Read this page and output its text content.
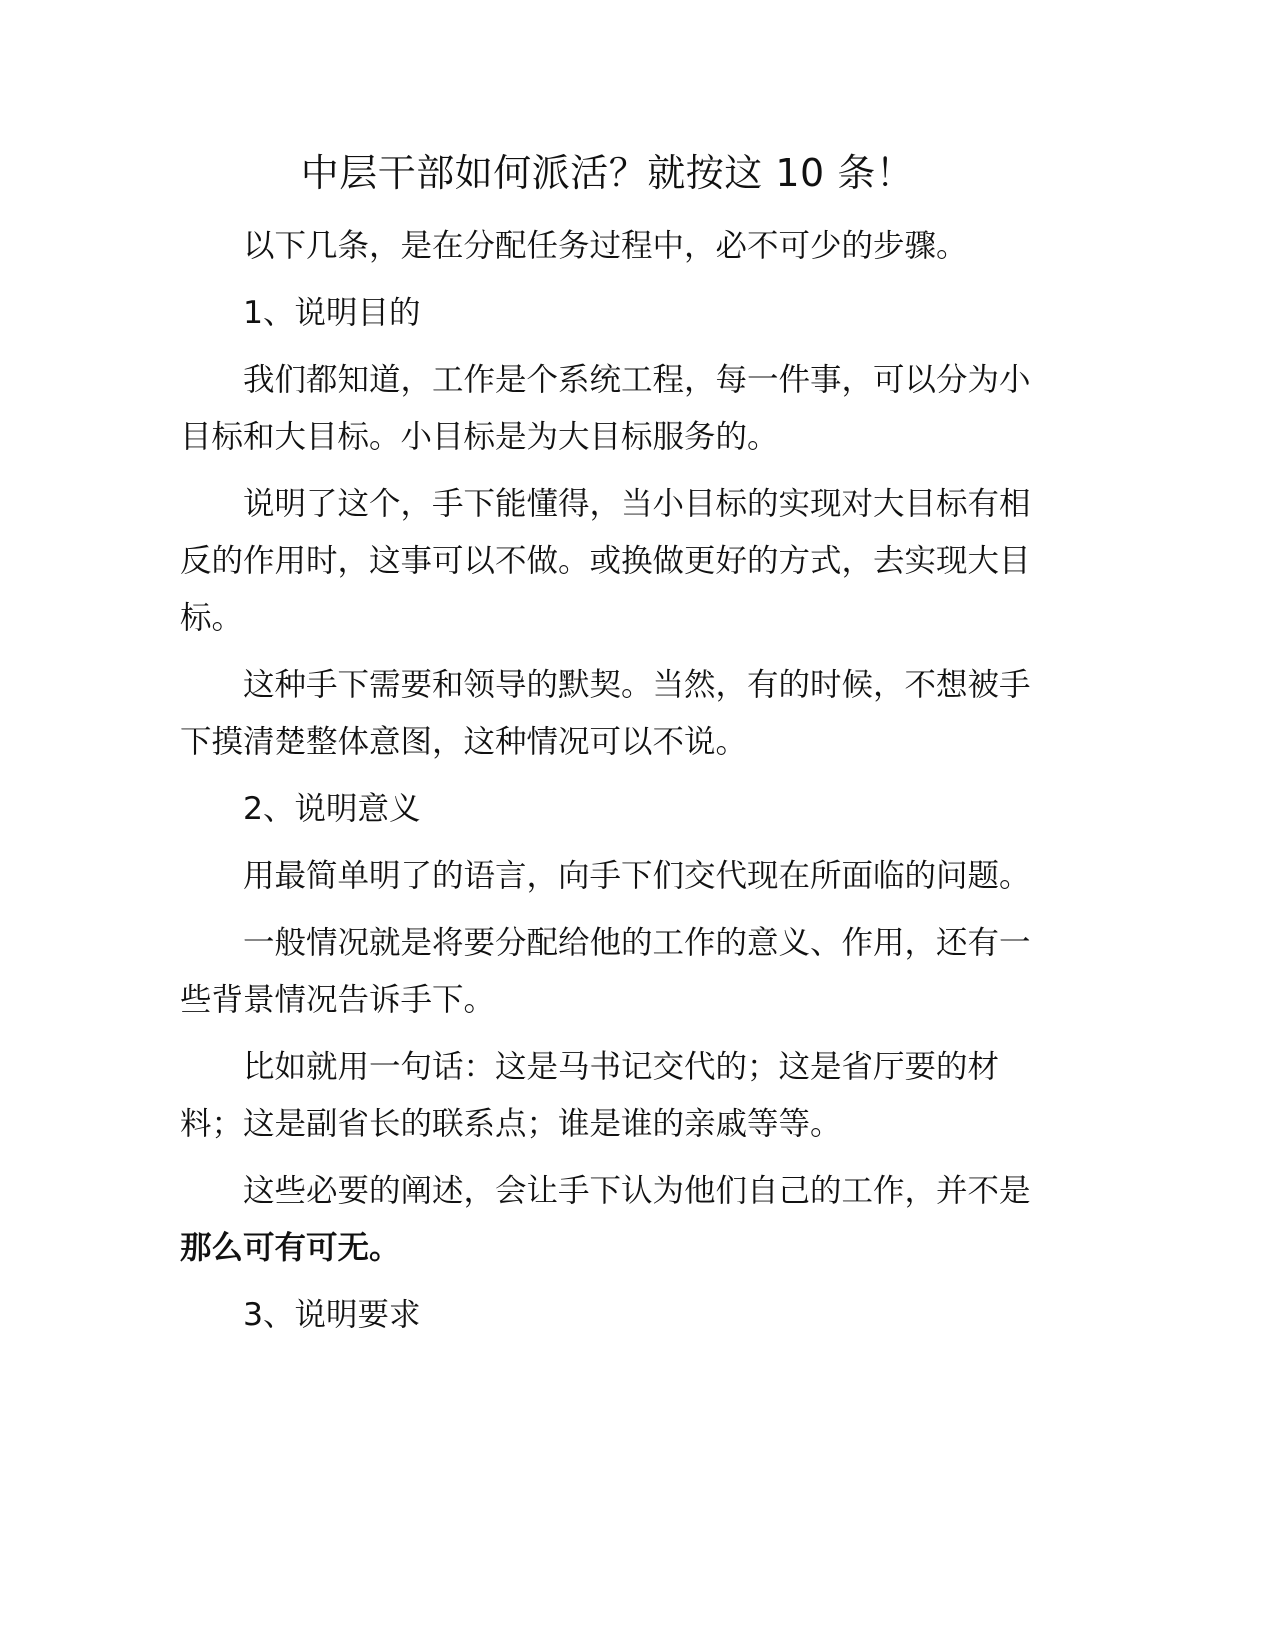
中层干部如何派活？就按这 10 条！
以下几条，是在分配任务过程中，必不可少的步骤。
1、说明目的
我们都知道，工作是个系统工程，每一件事，可以分为小
目标和大目标。小目标是为大目标服务的。
说明了这个，手下能懂得，当小目标的实现对大目标有相
反的作用时，这事可以不做。或换做更好的方式，去实现大目
标。
这种手下需要和领导的默契。当然，有的时候，不想被手
下摸清楚整体意图，这种情况可以不说。
2、说明意义
用最简单明了的语言，向手下们交代现在所面临的问题。
一般情况就是将要分配给他的工作的意义、作用，还有一
些背景情况告诉手下。
比如就用一句话：这是马书记交代的；这是省厅要的材
料；这是副省长的联系点；谁是谁的亲戚等等。
这些必要的阐述，会让手下认为他们自己的工作，并不是
那么可有可无。
3、说明要求
